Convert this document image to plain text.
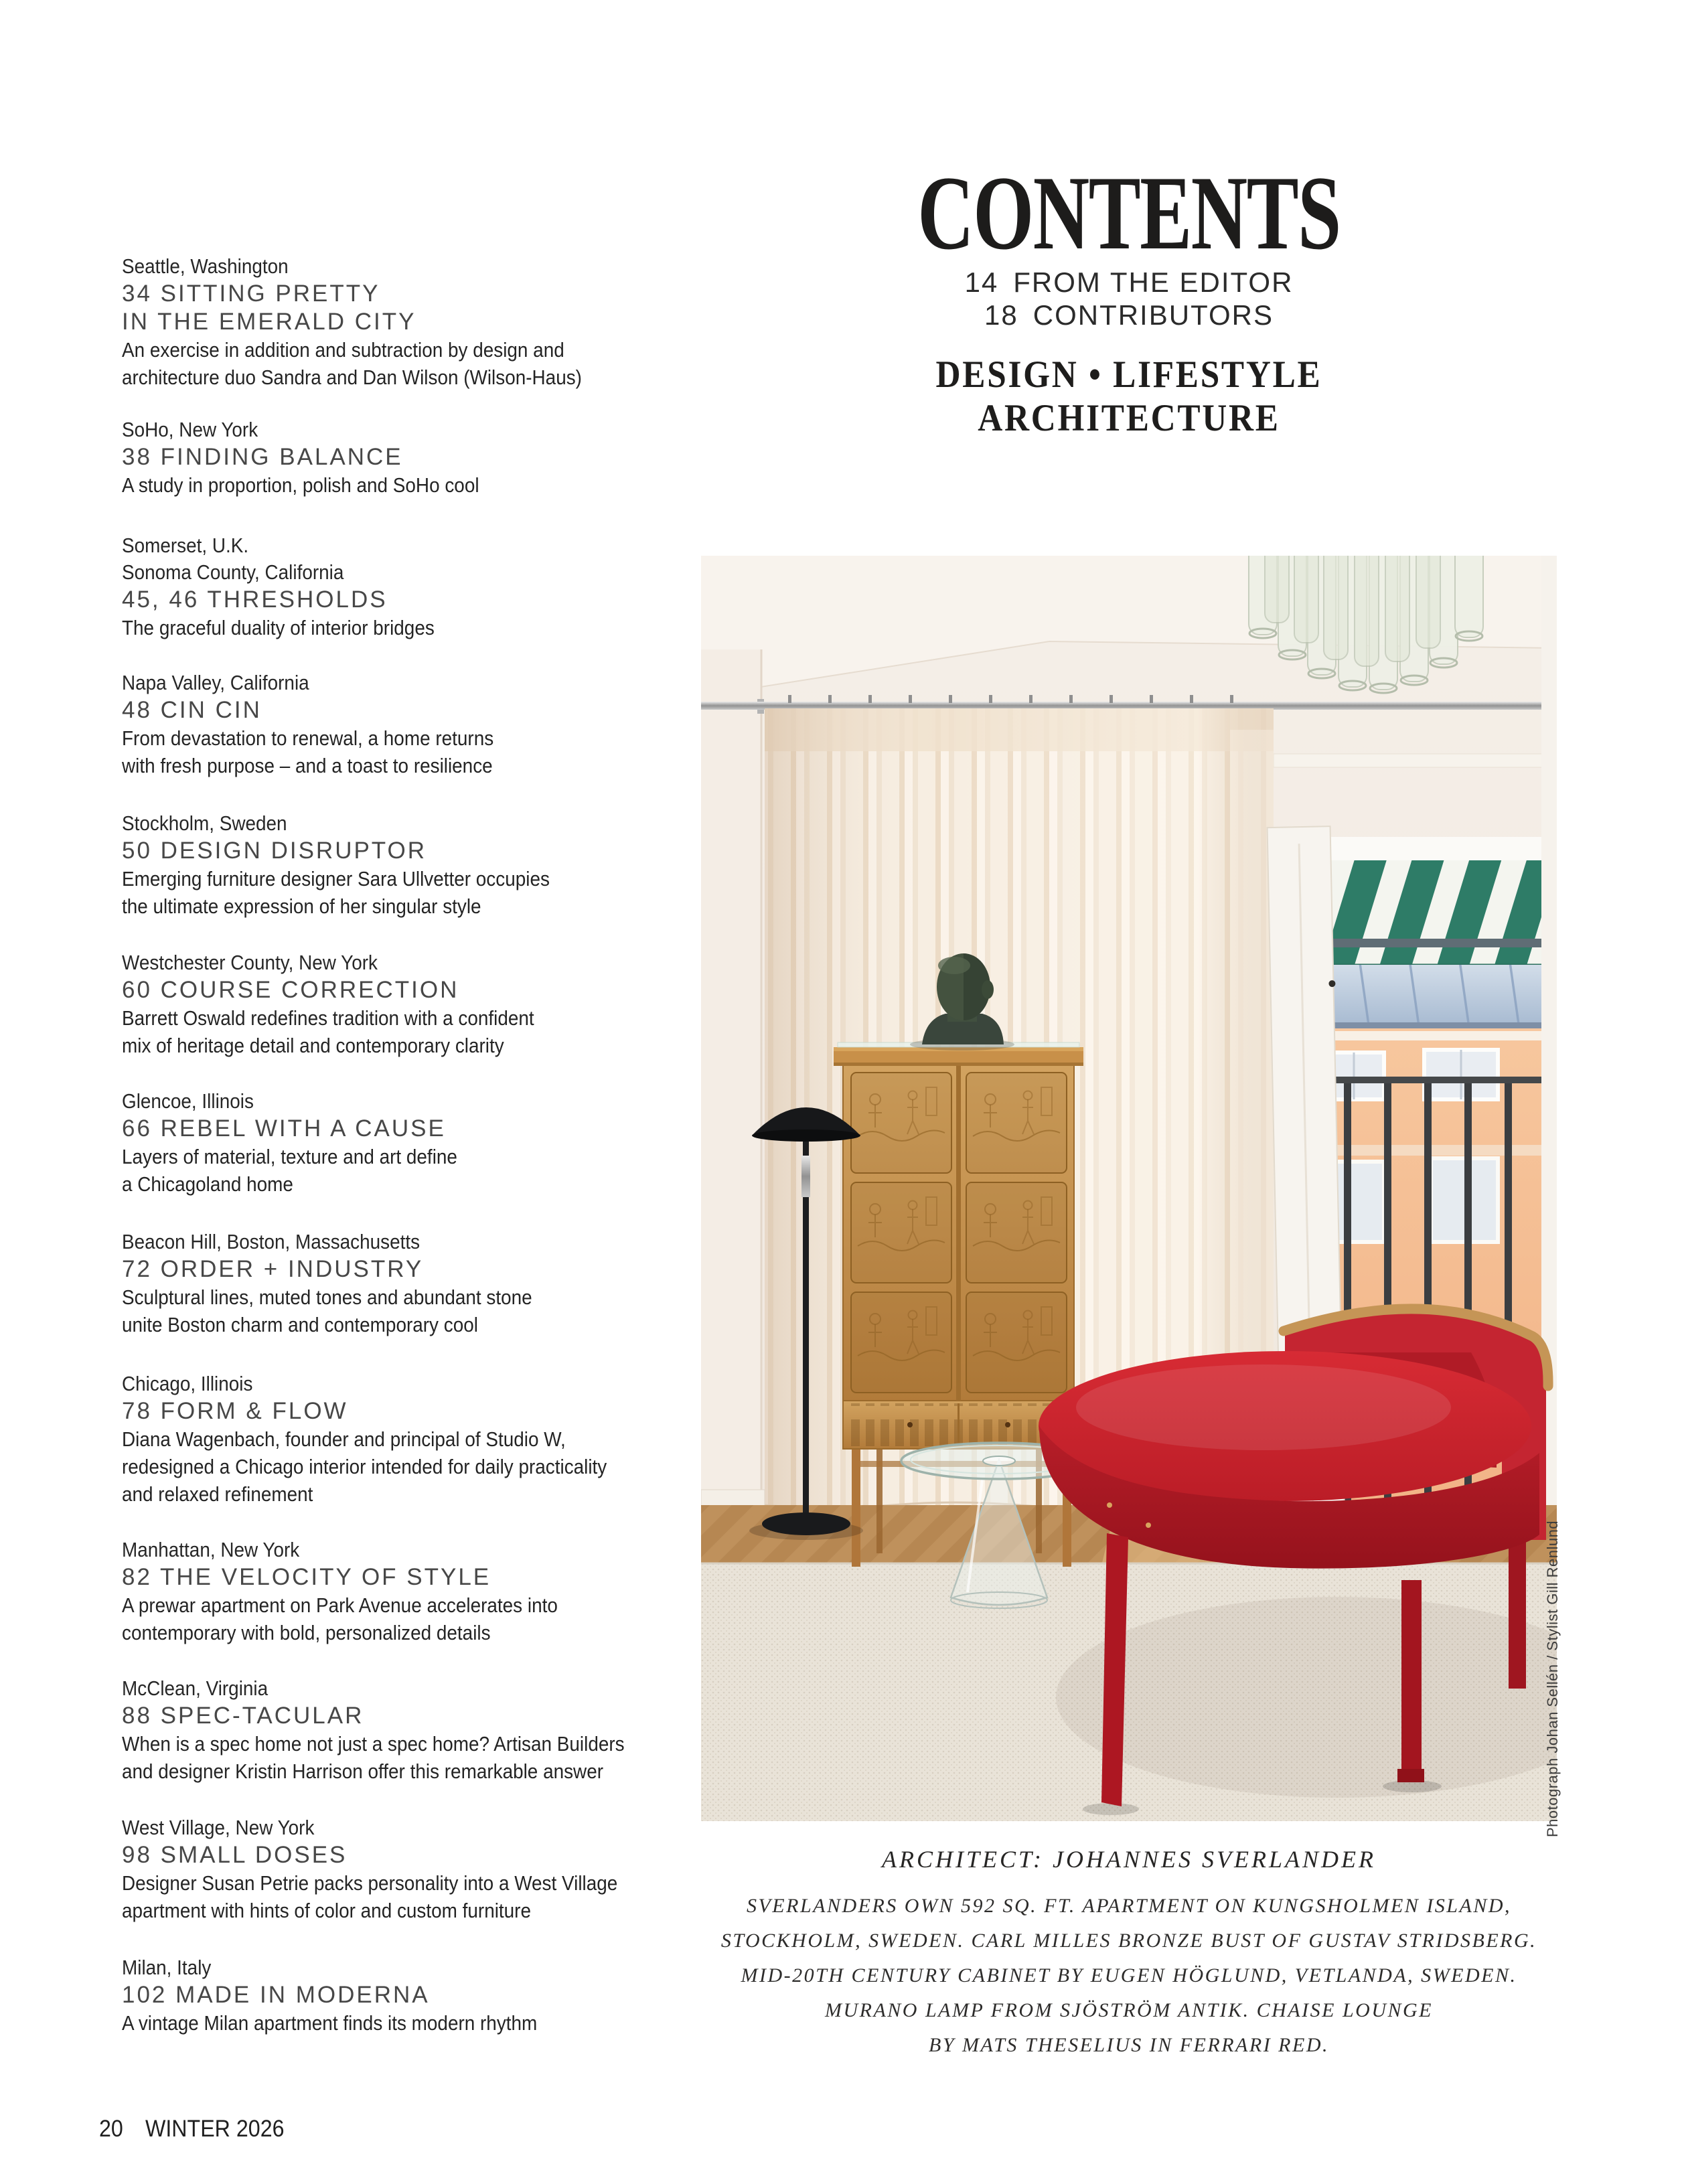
CONTENTS
14 FROM THE EDITOR
18 CONTRIBUTORS
DESIGN • LIFESTYLE
ARCHITECTURE
Seattle, Washington
34 SITTING PRETTY
IN THE EMERALD CITY
An exercise in addition and subtraction by design and
architecture duo Sandra and Dan Wilson (Wilson-Haus)
SoHo, New York
38 FINDING BALANCE
A study in proportion, polish and SoHo cool
Somerset, U.K.
Sonoma County, California
45, 46 THRESHOLDS
The graceful duality of interior bridges
Napa Valley, California
48 CIN CIN
From devastation to renewal, a home returns
with fresh purpose – and a toast to resilience
Stockholm, Sweden
50 DESIGN DISRUPTOR
Emerging furniture designer Sara Ullvetter occupies
the ultimate expression of her singular style
Westchester County, New York
60 COURSE CORRECTION
Barrett Oswald redefines tradition with a confident
mix of heritage detail and contemporary clarity
Glencoe, Illinois
66 REBEL WITH A CAUSE
Layers of material, texture and art define
a Chicagoland home
Beacon Hill, Boston, Massachusetts
72 ORDER + INDUSTRY
Sculptural lines, muted tones and abundant stone
unite Boston charm and contemporary cool
Chicago, Illinois
78 FORM & FLOW
Diana Wagenbach, founder and principal of Studio W,
redesigned a Chicago interior intended for daily practicality
and relaxed refinement
Manhattan, New York
82 THE VELOCITY OF STYLE
A prewar apartment on Park Avenue accelerates into
contemporary with bold, personalized details
McClean, Virginia
88 SPEC-TACULAR
When is a spec home not just a spec home? Artisan Builders
and designer Kristin Harrison offer this remarkable answer
West Village, New York
98 SMALL DOSES
Designer Susan Petrie packs personality into a West Village
apartment with hints of color and custom furniture
Milan, Italy
102 MADE IN MODERNA
A vintage Milan apartment finds its modern rhythm
Photograph Johan Sellén / Stylist Gill Renlund
ARCHITECT: JOHANNES SVERLANDER
SVERLANDERS OWN 592 SQ. FT. APARTMENT ON KUNGSHOLMEN ISLAND,
STOCKHOLM, SWEDEN. CARL MILLES BRONZE BUST OF GUSTAV STRIDSBERG.
MID-20TH CENTURY CABINET BY EUGEN HÖGLUND, VETLANDA, SWEDEN.
MURANO LAMP FROM SJÖSTRÖM ANTIK. CHAISE LOUNGE
BY MATS THESELIUS IN FERRARI RED.
20 WINTER 2026
